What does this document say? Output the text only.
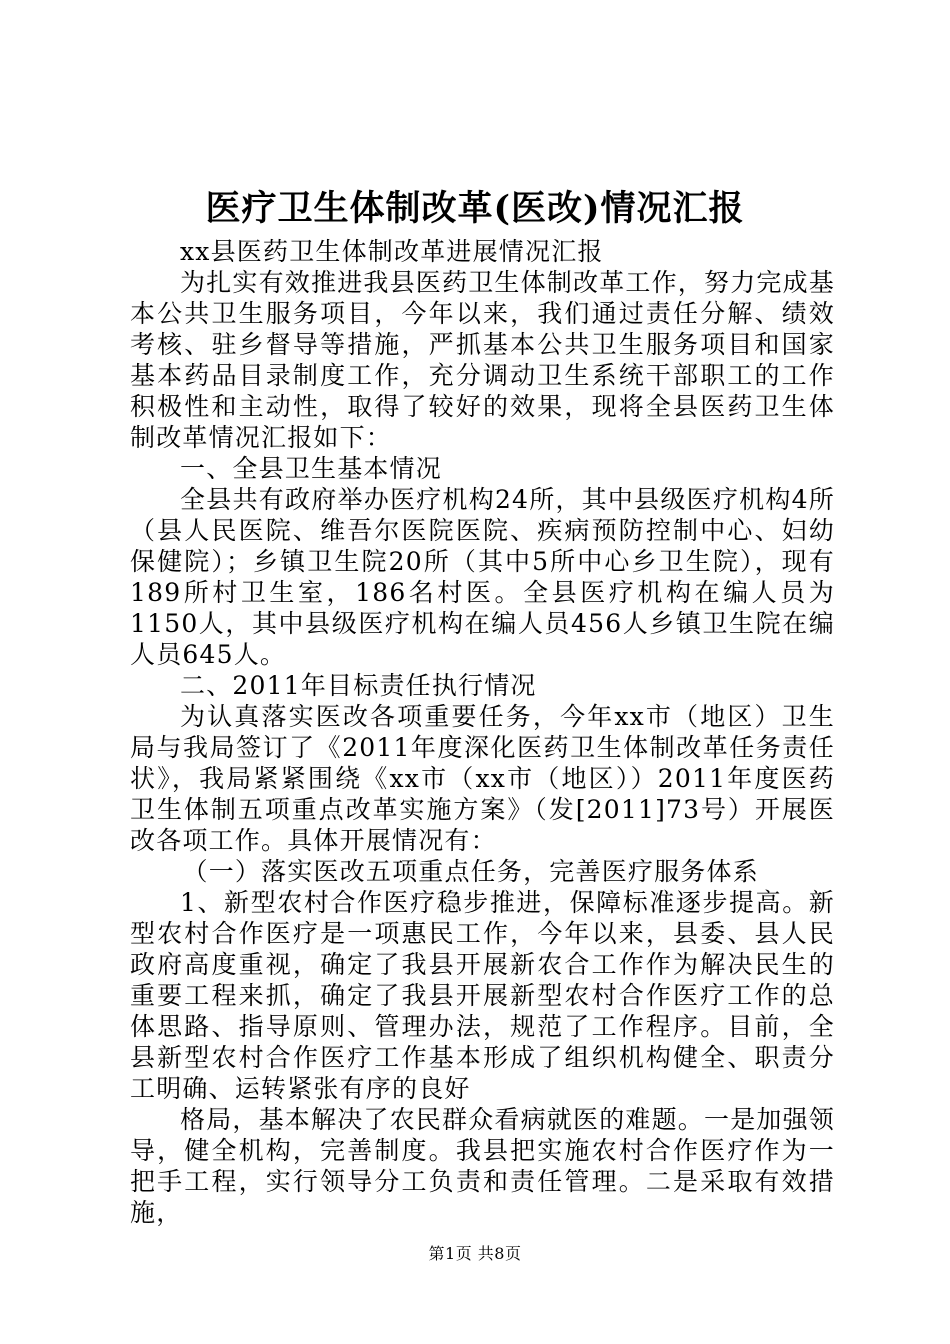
医疗卫生体制改革(医改)情况汇报

xx县医药卫生体制改革进展情况汇报

为扎实有效推进我县医药卫生体制改革工作，努力完成基本公共卫生服务项目，今年以来，我们通过责任分解、绩效考核、驻乡督导等措施，严抓基本公共卫生服务项目和国家基本药品目录制度工作，充分调动卫生系统干部职工的工作积极性和主动性，取得了较好的效果，现将全县医药卫生体制改革情况汇报如下：

一、全县卫生基本情况

全县共有政府举办医疗机构24所，其中县级医疗机构4所（县人民医院、维吾尔医院医院、疾病预防控制中心、妇幼保健院）；乡镇卫生院20所（其中5所中心乡卫生院），现有189所村卫生室，186名村医。全县医疗机构在编人员为1150人，其中县级医疗机构在编人员456人乡镇卫生院在编人员645人。

二、2011年目标责任执行情况

为认真落实医改各项重要任务，今年xx市（地区）卫生局与我局签订了《2011年度深化医药卫生体制改革任务责任状》，我局紧紧围绕《xx市（xx市（地区））2011年度医药卫生体制五项重点改革实施方案》（发[2011]73号）开展医改各项工作。具体开展情况有：

（一）落实医改五项重点任务，完善医疗服务体系

1、新型农村合作医疗稳步推进，保障标准逐步提高。新型农村合作医疗是一项惠民工作，今年以来，县委、县人民政府高度重视，确定了我县开展新农合工作作为解决民生的重要工程来抓，确定了我县开展新型农村合作医疗工作的总体思路、指导原则、管理办法，规范了工作程序。目前，全县新型农村合作医疗工作基本形成了组织机构健全、职责分工明确、运转紧张有序的良好

格局，基本解决了农民群众看病就医的难题。一是加强领导，健全机构，完善制度。我县把实施农村合作医疗作为一把手工程，实行领导分工负责和责任管理。二是采取有效措施，

第1页 共8页
